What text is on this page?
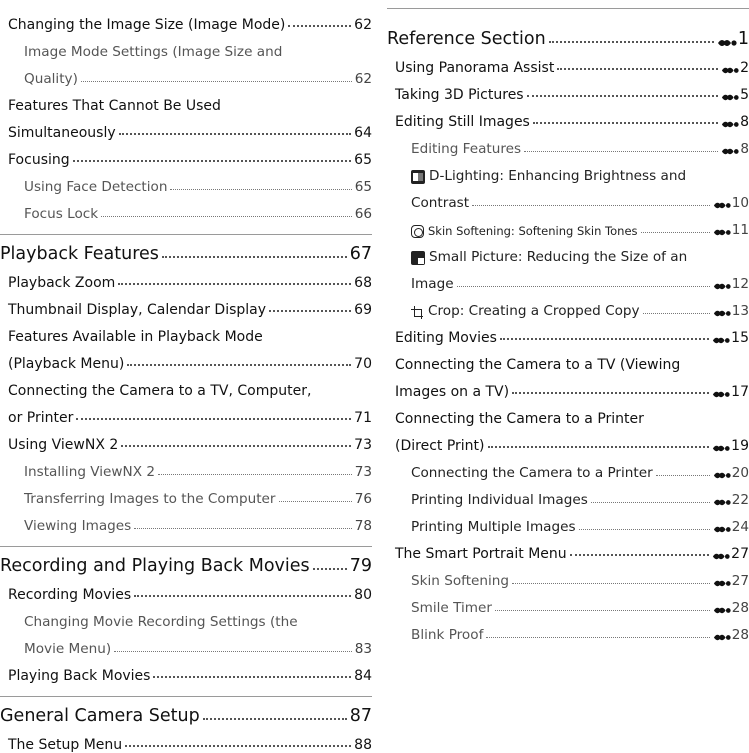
Changing the Image Size (Image Mode)	62
Image Mode Settings (Image Size and
Quality)	62
Features That Cannot Be Used
Simultaneously	64
Focusing	65
Using Face Detection	65
Focus Lock	66
Playback Features	67
Playback Zoom	68
Thumbnail Display, Calendar Display	69
Features Available in Playback Mode
(Playback Menu)	70
Connecting the Camera to a TV, Computer,
or Printer	71
Using ViewNX 2	73
Installing ViewNX 2	73
Transferring Images to the Computer	76
Viewing Images	78
Recording and Playing Back Movies 79
Recording Movies	80
Changing Movie Recording Settings (the
Movie Menu)	83
Playing Back Movies	84
General Camera Setup	87
The Setup Menu	88
Reference Section	1
Using Panorama Assist	2
Taking 3D Pictures	5
Editing Still Images	8
Editing Features	8
D-Lighting: Enhancing Brightness and
Contrast	10
Skin Softening: Softening Skin Tones	11
Small Picture: Reducing the Size of an
Image	12
Crop: Creating a Cropped Copy	13
Editing Movies	15
Connecting the Camera to a TV (Viewing
Images on a TV)	17
Connecting the Camera to a Printer
(Direct Print)	19
Connecting the Camera to a Printer	20
Printing Individual Images	22
Printing Multiple Images	24
The Smart Portrait Menu	27
Skin Softening	27
Smile Timer	28
Blink Proof	28
